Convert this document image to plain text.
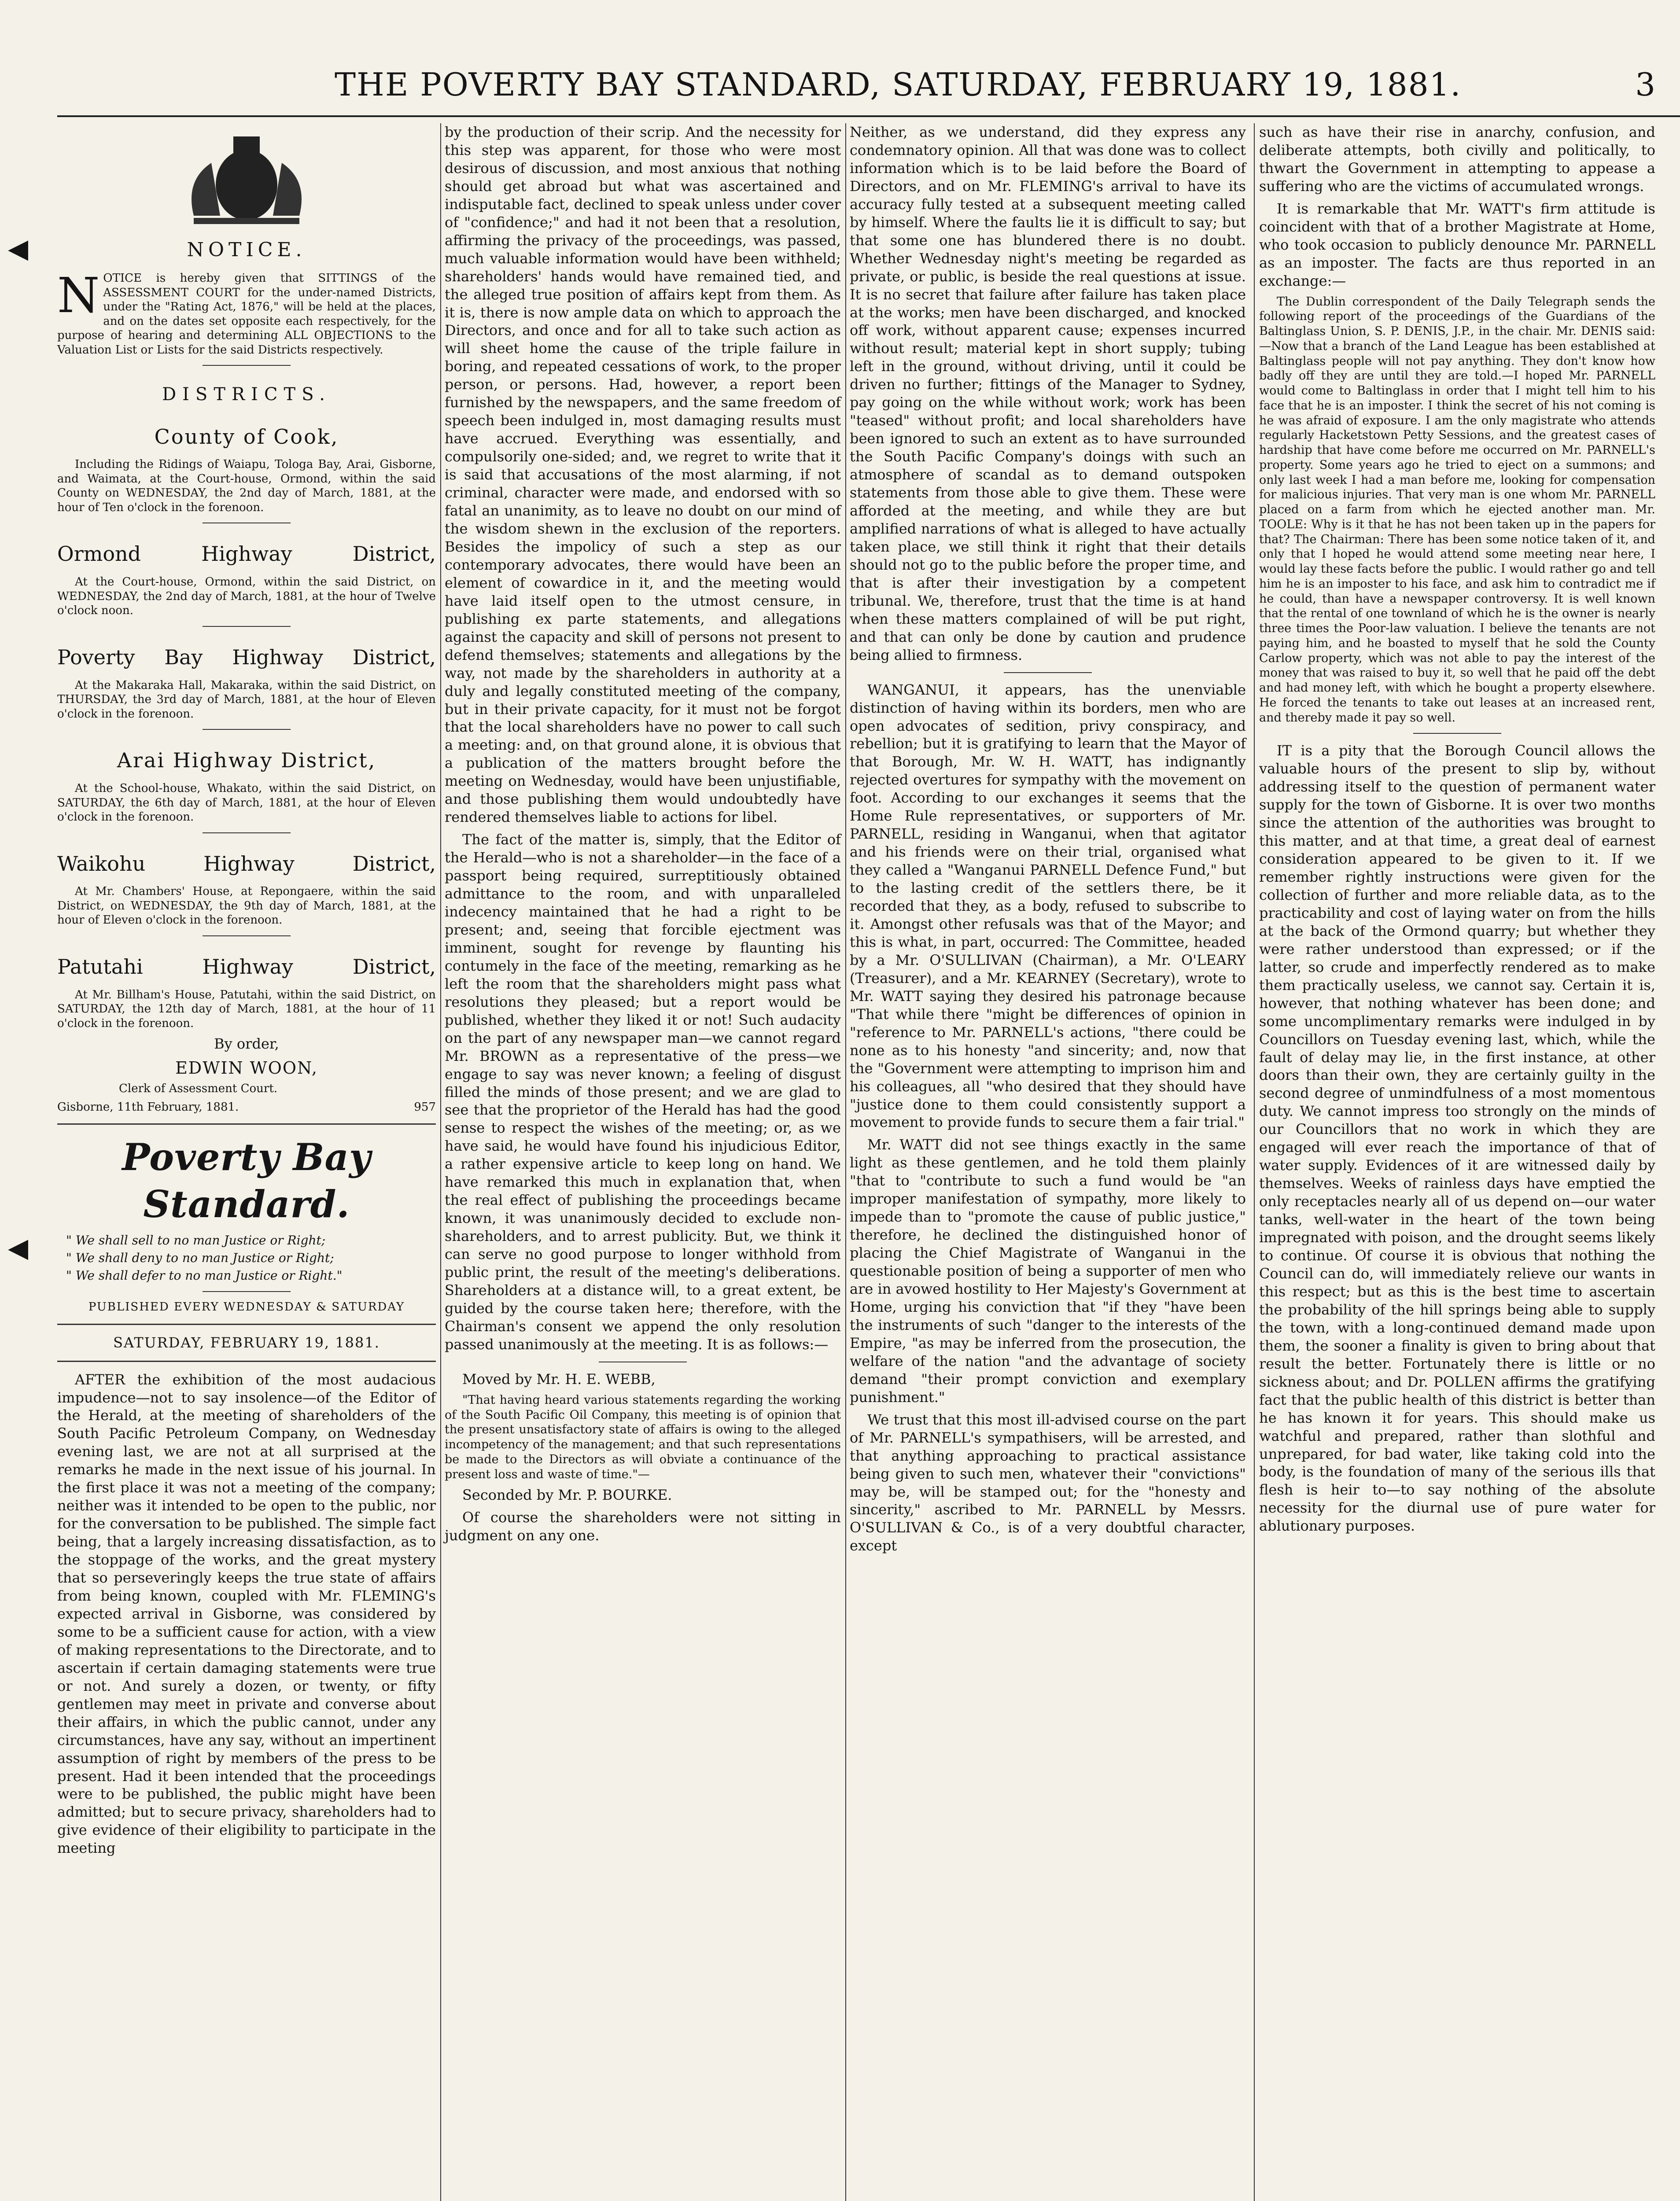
THE POVERTY BAY STANDARD, SATURDAY, FEBRUARY 19, 1881.	3
◀
◀
NOTICE.

NOTICE is hereby given that SITTINGS of the ASSESSMENT COURT for the under-named Districts, under the "Rating Act, 1876," will be held at the places, and on the dates set opposite each respectively, for the purpose of hearing and determining ALL OBJECTIONS to the Valuation List or Lists for the said Districts respectively.

DISTRICTS.
County of Cook,

Including the Ridings of Waiapu, Tologa Bay, Arai, Gisborne, and Waimata, at the Court-house, Ormond, within the said County on WEDNESDAY, the 2nd day of March, 1881, at the hour of Ten o'clock in the forenoon.

Ormond Highway District,

At the Court-house, Ormond, within the said District, on WEDNESDAY, the 2nd day of March, 1881, at the hour of Twelve o'clock noon.

Poverty Bay Highway District,

At the Makaraka Hall, Makaraka, within the said District, on THURSDAY, the 3rd day of March, 1881, at the hour of Eleven o'clock in the forenoon.

Arai Highway District,

At the School-house, Whakato, within the said District, on SATURDAY, the 6th day of March, 1881, at the hour of Eleven o'clock in the forenoon.

Waikohu Highway District,

At Mr. Chambers' House, at Repongaere, within the said District, on WEDNESDAY, the 9th day of March, 1881, at the hour of Eleven o'clock in the forenoon.

Patutahi Highway District,

At Mr. Billham's House, Patutahi, within the said District, on SATURDAY, the 12th day of March, 1881, at the hour of 11 o'clock in the forenoon.

By order,

EDWIN WOON,

Clerk of Assessment Court.

Gisborne, 11th February, 1881.	957

Poverty Bay Standard.

" We shall sell to no man Justice or Right;

" We shall deny to no man Justice or Right;

" We shall defer to no man Justice or Right."

PUBLISHED EVERY WEDNESDAY & SATURDAY

SATURDAY, FEBRUARY 19, 1881.

AFTER the exhibition of the most audacious impudence—not to say insolence—of the Editor of the Herald, at the meeting of shareholders of the South Pacific Petroleum Company, on Wednesday evening last, we are not at all surprised at the remarks he made in the next issue of his journal. In the first place it was not a meeting of the company; neither was it intended to be open to the public, nor for the conversation to be published. The simple fact being, that a largely increasing dissatisfaction, as to the stoppage of the works, and the great mystery that so perseveringly keeps the true state of affairs from being known, coupled with Mr. FLEMING's expected arrival in Gisborne, was considered by some to be a sufficient cause for action, with a view of making representations to the Directorate, and to ascertain if certain damaging statements were true or not. And surely a dozen, or twenty, or fifty gentlemen may meet in private and converse about their affairs, in which the public cannot, under any circumstances, have any say, without an impertinent assumption of right by members of the press to be present. Had it been intended that the proceedings were to be published, the public might have been admitted; but to secure privacy, shareholders had to give evidence of their eligibility to participate in the meeting

by the production of their scrip. And the necessity for this step was apparent, for those who were most desirous of discussion, and most anxious that nothing should get abroad but what was ascertained and indisputable fact, declined to speak unless under cover of "confidence;" and had it not been that a resolution, affirming the privacy of the proceedings, was passed, much valuable information would have been withheld; shareholders' hands would have remained tied, and the alleged true position of affairs kept from them. As it is, there is now ample data on which to approach the Directors, and once and for all to take such action as will sheet home the cause of the triple failure in boring, and repeated cessations of work, to the proper person, or persons. Had, however, a report been furnished by the newspapers, and the same freedom of speech been indulged in, most damaging results must have accrued. Everything was essentially, and compulsorily one-sided; and, we regret to write that it is said that accusations of the most alarming, if not criminal, character were made, and endorsed with so fatal an unanimity, as to leave no doubt on our mind of the wisdom shewn in the exclusion of the reporters. Besides the impolicy of such a step as our contemporary advocates, there would have been an element of cowardice in it, and the meeting would have laid itself open to the utmost censure, in publishing ex parte statements, and allegations against the capacity and skill of persons not present to defend themselves; statements and allegations by the way, not made by the shareholders in authority at a duly and legally constituted meeting of the company, but in their private capacity, for it must not be forgot that the local shareholders have no power to call such a meeting: and, on that ground alone, it is obvious that a publication of the matters brought before the meeting on Wednesday, would have been unjustifiable, and those publishing them would undoubtedly have rendered themselves liable to actions for libel.

The fact of the matter is, simply, that the Editor of the Herald—who is not a shareholder—in the face of a passport being required, surreptitiously obtained admittance to the room, and with unparalleled indecency maintained that he had a right to be present; and, seeing that forcible ejectment was imminent, sought for revenge by flaunting his contumely in the face of the meeting, remarking as he left the room that the shareholders might pass what resolutions they pleased; but a report would be published, whether they liked it or not! Such audacity on the part of any newspaper man—we cannot regard Mr. BROWN as a representative of the press—we engage to say was never known; a feeling of disgust filled the minds of those present; and we are glad to see that the proprietor of the Herald has had the good sense to respect the wishes of the meeting; or, as we have said, he would have found his injudicious Editor, a rather expensive article to keep long on hand. We have remarked this much in explanation that, when the real effect of publishing the proceedings became known, it was unanimously decided to exclude non-shareholders, and to arrest publicity. But, we think it can serve no good purpose to longer withhold from public print, the result of the meeting's deliberations. Shareholders at a distance will, to a great extent, be guided by the course taken here; therefore, with the Chairman's consent we append the only resolution passed unanimously at the meeting. It is as follows:—

Moved by Mr. H. E. WEBB,

"That having heard various statements regarding the working of the South Pacific Oil Company, this meeting is of opinion that the present unsatisfactory state of affairs is owing to the alleged incompetency of the management; and that such representations be made to the Directors as will obviate a continuance of the present loss and waste of time."—

Seconded by Mr. P. BOURKE.

Of course the shareholders were not sitting in judgment on any one.

Neither, as we understand, did they express any condemnatory opinion. All that was done was to collect information which is to be laid before the Board of Directors, and on Mr. FLEMING's arrival to have its accuracy fully tested at a subsequent meeting called by himself. Where the faults lie it is difficult to say; but that some one has blundered there is no doubt. Whether Wednesday night's meeting be regarded as private, or public, is beside the real questions at issue. It is no secret that failure after failure has taken place at the works; men have been discharged, and knocked off work, without apparent cause; expenses incurred without result; material kept in short supply; tubing left in the ground, without driving, until it could be driven no further; fittings of the Manager to Sydney, pay going on the while without work; work has been "teased" without profit; and local shareholders have been ignored to such an extent as to have surrounded the South Pacific Company's doings with such an atmosphere of scandal as to demand outspoken statements from those able to give them. These were afforded at the meeting, and while they are but amplified narrations of what is alleged to have actually taken place, we still think it right that their details should not go to the public before the proper time, and that is after their investigation by a competent tribunal. We, therefore, trust that the time is at hand when these matters complained of will be put right, and that can only be done by caution and prudence being allied to firmness.

WANGANUI, it appears, has the unenviable distinction of having within its borders, men who are open advocates of sedition, privy conspiracy, and rebellion; but it is gratifying to learn that the Mayor of that Borough, Mr. W. H. WATT, has indignantly rejected overtures for sympathy with the movement on foot. According to our exchanges it seems that the Home Rule representatives, or supporters of Mr. PARNELL, residing in Wanganui, when that agitator and his friends were on their trial, organised what they called a "Wanganui PARNELL Defence Fund," but to the lasting credit of the settlers there, be it recorded that they, as a body, refused to subscribe to it. Amongst other refusals was that of the Mayor; and this is what, in part, occurred: The Committee, headed by a Mr. O'SULLIVAN (Chairman), a Mr. O'LEARY (Treasurer), and a Mr. KEARNEY (Secretary), wrote to Mr. WATT saying they desired his patronage because "That while there "might be differences of opinion in "reference to Mr. PARNELL's actions, "there could be none as to his honesty "and sincerity; and, now that the "Government were attempting to imprison him and his colleagues, all "who desired that they should have "justice done to them could consistently support a movement to provide funds to secure them a fair trial."

Mr. WATT did not see things exactly in the same light as these gentlemen, and he told them plainly "that to "contribute to such a fund would be "an improper manifestation of sympathy, more likely to impede than to "promote the cause of public justice," therefore, he declined the distinguished honor of placing the Chief Magistrate of Wanganui in the questionable position of being a supporter of men who are in avowed hostility to Her Majesty's Government at Home, urging his conviction that "if they "have been the instruments of such "danger to the interests of the Empire, "as may be inferred from the prosecution, the welfare of the nation "and the advantage of society demand "their prompt conviction and exemplary punishment."

We trust that this most ill-advised course on the part of Mr. PARNELL's sympathisers, will be arrested, and that anything approaching to practical assistance being given to such men, whatever their "convictions" may be, will be stamped out; for the "honesty and sincerity," ascribed to Mr. PARNELL by Messrs. O'SULLIVAN & Co., is of a very doubtful character, except

such as have their rise in anarchy, confusion, and deliberate attempts, both civilly and politically, to thwart the Government in attempting to appease a suffering who are the victims of accumulated wrongs.

It is remarkable that Mr. WATT's firm attitude is coincident with that of a brother Magistrate at Home, who took occasion to publicly denounce Mr. PARNELL as an imposter. The facts are thus reported in an exchange:—

The Dublin correspondent of the Daily Telegraph sends the following report of the proceedings of the Guardians of the Baltinglass Union, S. P. DENIS, J.P., in the chair. Mr. DENIS said:—Now that a branch of the Land League has been established at Baltinglass people will not pay anything. They don't know how badly off they are until they are told.—I hoped Mr. PARNELL would come to Baltinglass in order that I might tell him to his face that he is an imposter. I think the secret of his not coming is he was afraid of exposure. I am the only magistrate who attends regularly Hacketstown Petty Sessions, and the greatest cases of hardship that have come before me occurred on Mr. PARNELL's property. Some years ago he tried to eject on a summons; and only last week I had a man before me, looking for compensation for malicious injuries. That very man is one whom Mr. PARNELL placed on a farm from which he ejected another man. Mr. TOOLE: Why is it that he has not been taken up in the papers for that? The Chairman: There has been some notice taken of it, and only that I hoped he would attend some meeting near here, I would lay these facts before the public. I would rather go and tell him he is an imposter to his face, and ask him to contradict me if he could, than have a newspaper controversy. It is well known that the rental of one townland of which he is the owner is nearly three times the Poor-law valuation. I believe the tenants are not paying him, and he boasted to myself that he sold the County Carlow property, which was not able to pay the interest of the money that was raised to buy it, so well that he paid off the debt and had money left, with which he bought a property elsewhere. He forced the tenants to take out leases at an increased rent, and thereby made it pay so well.

IT is a pity that the Borough Council allows the valuable hours of the present to slip by, without addressing itself to the question of permanent water supply for the town of Gisborne. It is over two months since the attention of the authorities was brought to this matter, and at that time, a great deal of earnest consideration appeared to be given to it. If we remember rightly instructions were given for the collection of further and more reliable data, as to the practicability and cost of laying water on from the hills at the back of the Ormond quarry; but whether they were rather understood than expressed; or if the latter, so crude and imperfectly rendered as to make them practically useless, we cannot say. Certain it is, however, that nothing whatever has been done; and some uncomplimentary remarks were indulged in by Councillors on Tuesday evening last, which, while the fault of delay may lie, in the first instance, at other doors than their own, they are certainly guilty in the second degree of unmindfulness of a most momentous duty. We cannot impress too strongly on the minds of our Councillors that no work in which they are engaged will ever reach the importance of that of water supply. Evidences of it are witnessed daily by themselves. Weeks of rainless days have emptied the only receptacles nearly all of us depend on—our water tanks, well-water in the heart of the town being impregnated with poison, and the drought seems likely to continue. Of course it is obvious that nothing the Council can do, will immediately relieve our wants in this respect; but as this is the best time to ascertain the probability of the hill springs being able to supply the town, with a long-continued demand made upon them, the sooner a finality is given to bring about that result the better. Fortunately there is little or no sickness about; and Dr. POLLEN affirms the gratifying fact that the public health of this district is better than he has known it for years. This should make us watchful and prepared, rather than slothful and unprepared, for bad water, like taking cold into the body, is the foundation of many of the serious ills that flesh is heir to—to say nothing of the absolute necessity for the diurnal use of pure water for ablutionary purposes.
